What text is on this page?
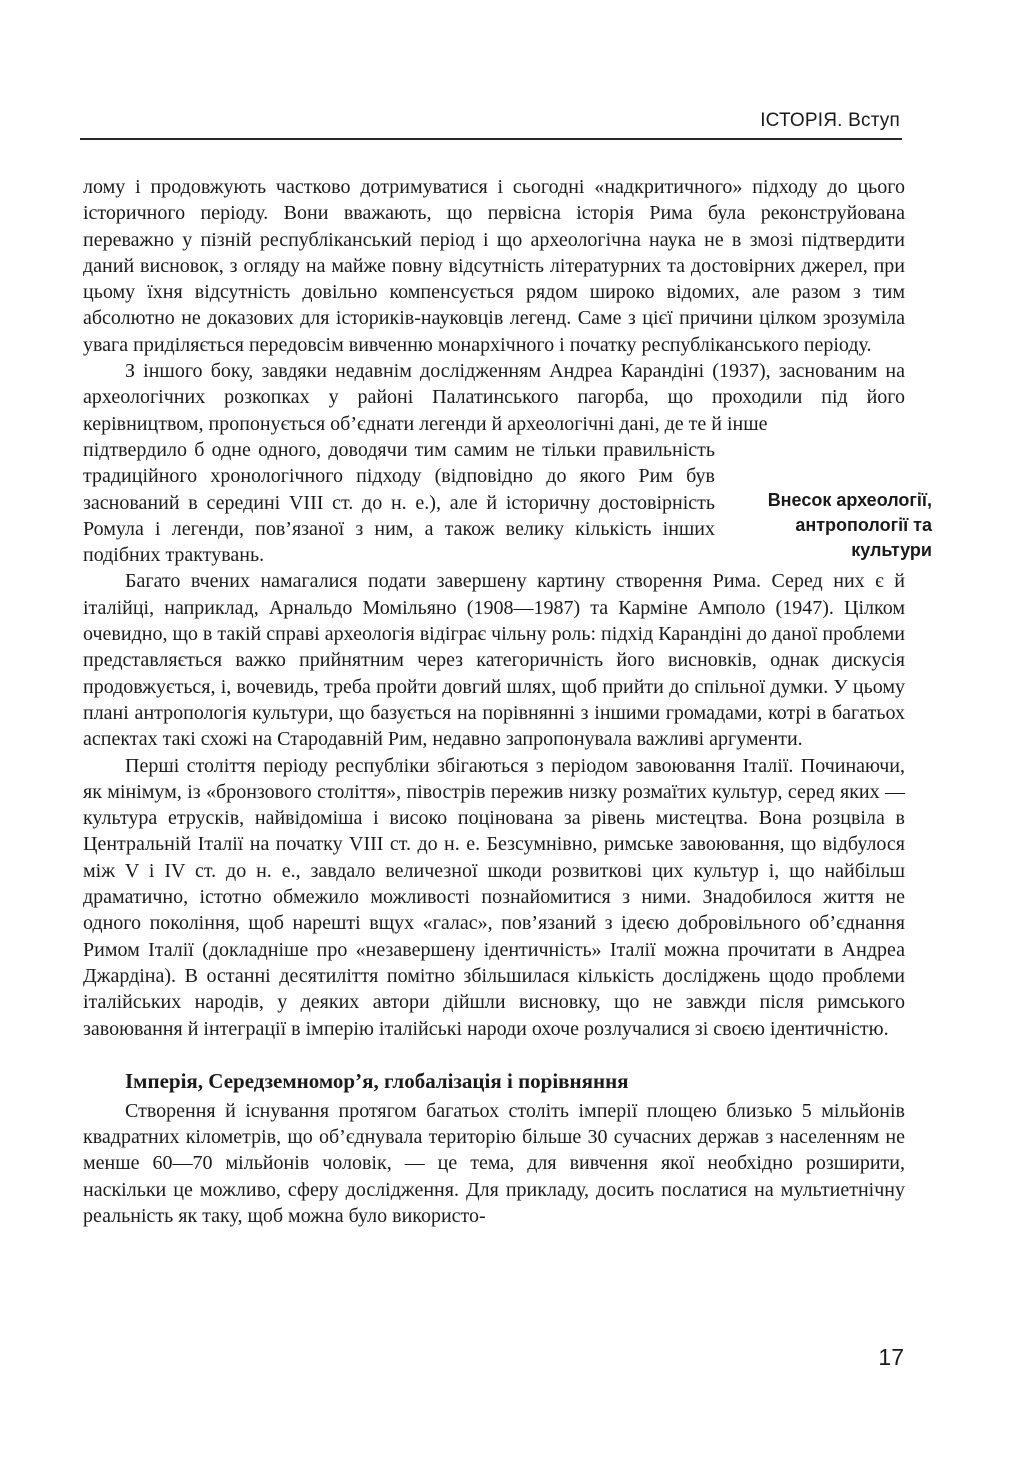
ІСТОРІЯ. Вступ

лому і продовжують частково дотримуватися і сьогодні «надкритичного» підходу до цього історичного періоду. Вони вважають, що первісна історія Рима була реконструйована переважно у пізній республіканський період і що археологічна наука не в змозі підтвердити даний висновок, з огляду на майже повну відсутність літературних та достовірних джерел, при цьому їхня відсутність довільно компенсується рядом широко відомих, але разом з тим абсолютно не доказових для істориків-науковців легенд. Саме з цієї причини цілком зрозуміла увага приділяється передовсім вивченню монархічного і початку республіканського періоду.

З іншого боку, завдяки недавнім дослідженням Андреа Карандіні (1937), заснованим на археологічних розкопках у районі Палатинського пагорба, що проходили під його керівництвом, пропонується об’єднати легенди й археологічні дані, де те й інше

підтвердило б одне одного, доводячи тим самим не тільки правильність традиційного хронологічного підходу (відповідно до якого Рим був заснований в середині VIII ст. до н. е.), але й історичну достовірність Ромула і легенди, пов’язаної з ним, а також велику кількість інших подібних трактувань.

Багато вчених намагалися подати завершену картину створення Рима. Серед них є й італійці, наприклад, Арнальдо Момільяно (1908—1987) та Карміне Амполо (1947). Цілком очевидно, що в такій справі археологія відіграє чільну роль: підхід Карандіні до даної проблеми представляється важко прийнятним через категоричність його висновків, однак дискусія продовжується, і, вочевидь, треба пройти довгий шлях, щоб прийти до спільної думки. У цьому плані антропологія культури, що базується на порівнянні з іншими громадами, котрі в багатьох аспектах такі схожі на Стародавній Рим, недавно запропонувала важливі аргументи.

Перші століття періоду республіки збігаються з періодом завоювання Італії. Починаючи, як мінімум, із «бронзового століття», півострів пережив низку розмаїтих культур, серед яких — культура етрусків, найвідоміша і високо поцінована за рівень мистецтва. Вона розцвіла в Центральній Італії на початку VIII ст. до н. е. Безсумнівно, римське завоювання, що відбулося між V і IV ст. до н. е., завдало величезної шкоди розвиткові цих культур і, що найбільш драматично, істотно обмежило можливості познайомитися з ними. Знадобилося життя не одного покоління, щоб нарешті вщух «галас», пов’язаний з ідеєю добровільного об’єднання Римом Італії (докладніше про «незавершену ідентичність» Італії можна прочитати в Андреа Джардіна). В останні десятиліття помітно збільшилася кількість досліджень щодо проблеми італійських народів, у деяких автори дійшли висновку, що не завжди після римського завоювання й інтеграції в імперію італійські народи охоче розлучалися зі своєю ідентичністю.

Імперія, Середземномор’я, глобалізація і порівняння

Створення й існування протягом багатьох століть імперії площею близько 5 мільйонів квадратних кілометрів, що об’єднувала територію більше 30 сучасних держав з населенням не менше 60—70 мільйонів чоловік, — це тема, для вивчення якої необхідно розширити, наскільки це можливо, сферу дослідження. Для прикладу, досить послатися на мультиетнічну реальність як таку, щоб можна було використо-

Внесок археології,
антропології та
культури
17
